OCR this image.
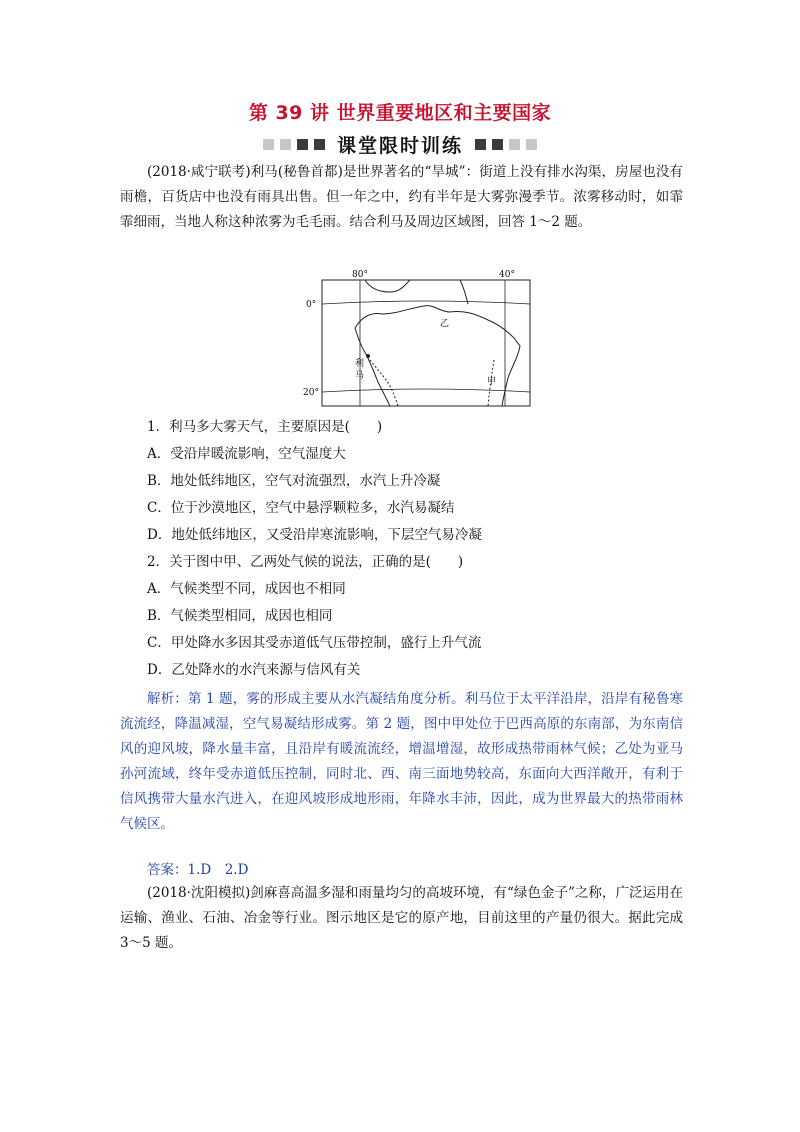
第 39 讲 世界重要地区和主要国家
课堂限时训练
(2018·咸宁联考)利马(秘鲁首都)是世界著名的“旱城”：街道上没有排水沟渠，房屋也没有雨檐，百货店中也没有雨具出售。但一年之中，约有半年是大雾弥漫季节。浓雾移动时，如霏霏细雨，当地人称这种浓雾为毛毛雨。结合利马及周边区域图，回答 1～2 题。
80°	40°
0°
20°
乙
利
马
甲
1．利马多大雾天气，主要原因是(　　)
A．受沿岸暖流影响，空气湿度大
B．地处低纬地区，空气对流强烈，水汽上升冷凝
C．位于沙漠地区，空气中悬浮颗粒多，水汽易凝结
D．地处低纬地区，又受沿岸寒流影响，下层空气易冷凝
2．关于图中甲、乙两处气候的说法，正确的是(　　)
A．气候类型不同，成因也不相同
B．气候类型相同，成因也相同
C．甲处降水多因其受赤道低气压带控制，盛行上升气流
D．乙处降水的水汽来源与信风有关
解析：第 1 题，雾的形成主要从水汽凝结角度分析。利马位于太平洋沿岸，沿岸有秘鲁寒流流经，降温减湿，空气易凝结形成雾。第 2 题，图中甲处位于巴西高原的东南部，为东南信风的迎风坡，降水量丰富，且沿岸有暖流流经，增温增湿，故形成热带雨林气候；乙处为亚马孙河流域，终年受赤道低压控制，同时北、西、南三面地势较高，东面向大西洋敞开，有利于信风携带大量水汽进入，在迎风坡形成地形雨，年降水丰沛，因此，成为世界最大的热带雨林气候区。
答案：1.D　2.D
(2018·沈阳模拟)剑麻喜高温多湿和雨量均匀的高坡环境，有“绿色金子”之称，广泛运用在运输、渔业、石油、冶金等行业。图示地区是它的原产地，目前这里的产量仍很大。据此完成 3～5 题。
